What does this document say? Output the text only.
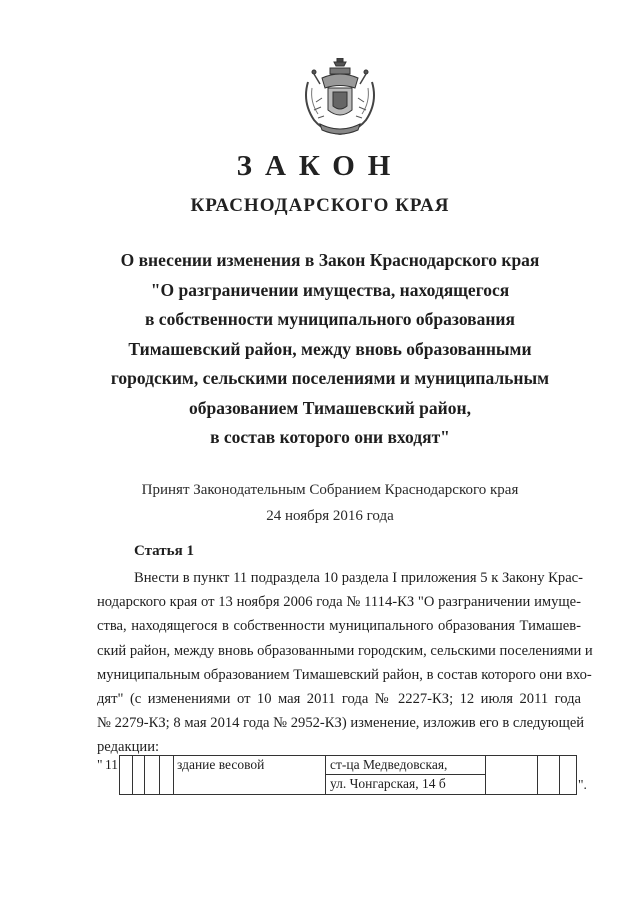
ЗАКОН
КРАСНОДАРСКОГО КРАЯ
О внесении изменения в Закон Краснодарского края
"О разграничении имущества, находящегося
в собственности муниципального образования
Тимашевский район, между вновь образованными
городским, сельскими поселениями и муниципальным
образованием Тимашевский район,
в состав которого они входят"
Принят Законодательным Собранием Краснодарского края
24 ноября 2016 года
Статья 1
Внести в пункт 11 подраздела 10 раздела I приложения 5 к Закону Крас-
нодарского края от 13 ноября 2006 года № 1114-КЗ "О разграничении имуще-
ства, находящегося в собственности муниципального образования Тимашев-
ский район, между вновь образованными городским, сельскими поселениями и
муниципальным образованием Тимашевский район, в состав которого они вхо-
дят" (с изменениями от 10 мая 2011 года № 2227-КЗ; 12 июля 2011 года
№ 2279-КЗ; 8 мая 2014 года № 2952-КЗ) изменение, изложив его в следующей
редакции:
" 11	здание весовой	ст-ца Медведовская,
ул. Чонгарская, 14 б	".
